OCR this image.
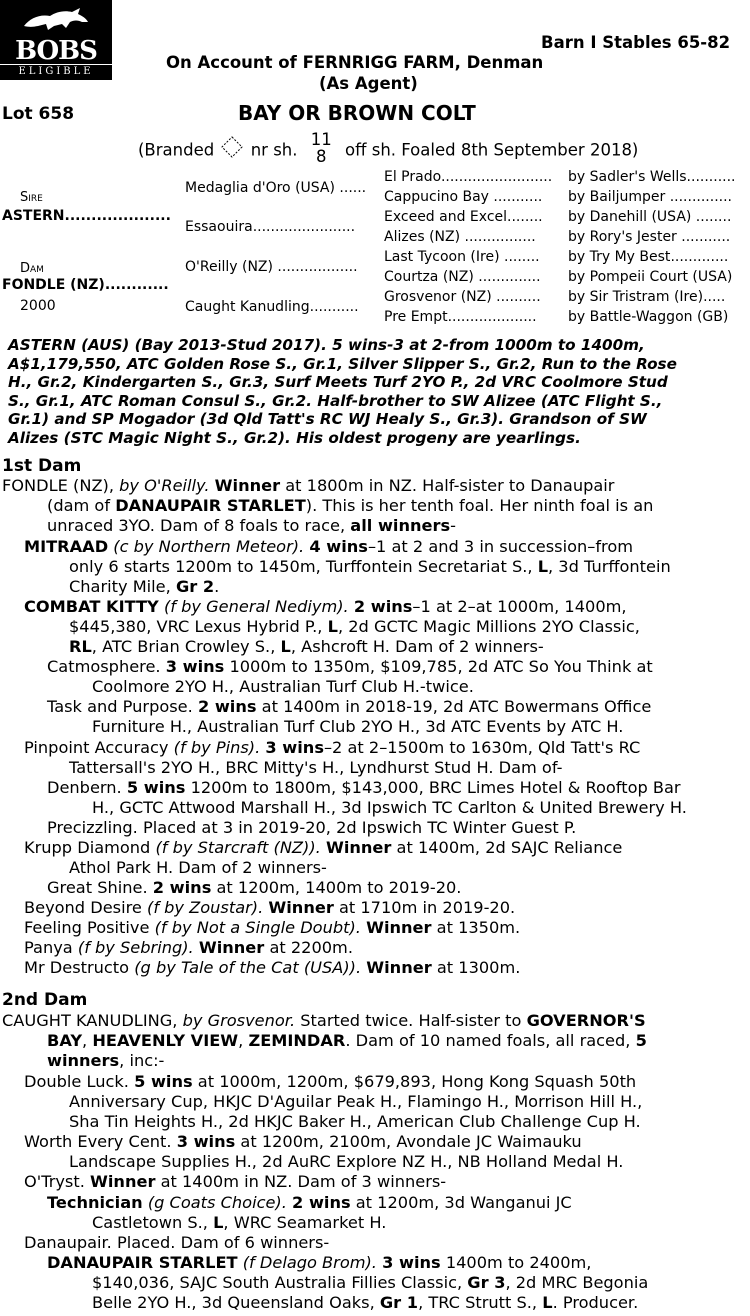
BOBS
ELIGIBLE
Barn I Stables 65-82
On Account of FERNRIGG FARM, Denman
(As Agent)
Lot 658	BAY OR BROWN COLT
(Branded nr sh.
11
8	off sh. Foaled 8th September 2018)
Sire
ASTERN....................
Dam
FONDLE (NZ)............
2000
Medaglia d'Oro (USA) ......
Essaouira.......................
O'Reilly (NZ) ..................
Caught Kanudling...........
El Prado.........................
Cappucino Bay ...........
Exceed and Excel........
Alizes (NZ) ................
Last Tycoon (Ire) ........
Courtza (NZ) ..............
Grosvenor (NZ) ..........
Pre Empt....................
by Sadler's Wells...........
by Bailjumper ..............
by Danehill (USA) ........
by Rory's Jester ...........
by Try My Best.............
by Pompeii Court (USA)
by Sir Tristram (Ire).....
by Battle-Waggon (GB)
ASTERN (AUS) (Bay 2013-Stud 2017). 5 wins-3 at 2-from 1000m to 1400m,
A$1,179,550, ATC Golden Rose S., Gr.1, Silver Slipper S., Gr.2, Run to the Rose
H., Gr.2, Kindergarten S., Gr.3, Surf Meets Turf 2YO P., 2d VRC Coolmore Stud
S., Gr.1, ATC Roman Consul S., Gr.2. Half-brother to SW Alizee (ATC Flight S.,
Gr.1) and SP Mogador (3d Qld Tatt's RC WJ Healy S., Gr.3). Grandson of SW
Alizes (STC Magic Night S., Gr.2). His oldest progeny are yearlings.
1st Dam
FONDLE (NZ), by O'Reilly. Winner at 1800m in NZ. Half-sister to Danaupair
(dam of DANAUPAIR STARLET). This is her tenth foal. Her ninth foal is an
unraced 3YO. Dam of 8 foals to race, all winners-
MITRAAD (c by Northern Meteor). 4 wins–1 at 2 and 3 in succession–from
only 6 starts 1200m to 1450m, Turffontein Secretariat S., L, 3d Turffontein
Charity Mile, Gr 2.
COMBAT KITTY (f by General Nediym). 2 wins–1 at 2–at 1000m, 1400m,
$445,380, VRC Lexus Hybrid P., L, 2d GCTC Magic Millions 2YO Classic,
RL, ATC Brian Crowley S., L, Ashcroft H. Dam of 2 winners-
Catmosphere. 3 wins 1000m to 1350m, $109,785, 2d ATC So You Think at
Coolmore 2YO H., Australian Turf Club H.-twice.
Task and Purpose. 2 wins at 1400m in 2018-19, 2d ATC Bowermans Office
Furniture H., Australian Turf Club 2YO H., 3d ATC Events by ATC H.
Pinpoint Accuracy (f by Pins). 3 wins–2 at 2–1500m to 1630m, Qld Tatt's RC
Tattersall's 2YO H., BRC Mitty's H., Lyndhurst Stud H. Dam of-
Denbern. 5 wins 1200m to 1800m, $143,000, BRC Limes Hotel & Rooftop Bar
H., GCTC Attwood Marshall H., 3d Ipswich TC Carlton & United Brewery H.
Precizzling. Placed at 3 in 2019-20, 2d Ipswich TC Winter Guest P.
Krupp Diamond (f by Starcraft (NZ)). Winner at 1400m, 2d SAJC Reliance
Athol Park H. Dam of 2 winners-
Great Shine. 2 wins at 1200m, 1400m to 2019-20.
Beyond Desire (f by Zoustar). Winner at 1710m in 2019-20.
Feeling Positive (f by Not a Single Doubt). Winner at 1350m.
Panya (f by Sebring). Winner at 2200m.
Mr Destructo (g by Tale of the Cat (USA)). Winner at 1300m.
2nd Dam
CAUGHT KANUDLING, by Grosvenor. Started twice. Half-sister to GOVERNOR'S
BAY, HEAVENLY VIEW, ZEMINDAR. Dam of 10 named foals, all raced, 5
winners, inc:-
Double Luck. 5 wins at 1000m, 1200m, $679,893, Hong Kong Squash 50th
Anniversary Cup, HKJC D'Aguilar Peak H., Flamingo H., Morrison Hill H.,
Sha Tin Heights H., 2d HKJC Baker H., American Club Challenge Cup H.
Worth Every Cent. 3 wins at 1200m, 2100m, Avondale JC Waimauku
Landscape Supplies H., 2d AuRC Explore NZ H., NB Holland Medal H.
O'Tryst. Winner at 1400m in NZ. Dam of 3 winners-
Technician (g Coats Choice). 2 wins at 1200m, 3d Wanganui JC
Castletown S., L, WRC Seamarket H.
Danaupair. Placed. Dam of 6 winners-
DANAUPAIR STARLET (f Delago Brom). 3 wins 1400m to 2400m,
$140,036, SAJC South Australia Fillies Classic, Gr 3, 2d MRC Begonia
Belle 2YO H., 3d Queensland Oaks, Gr 1, TRC Strutt S., L. Producer.
